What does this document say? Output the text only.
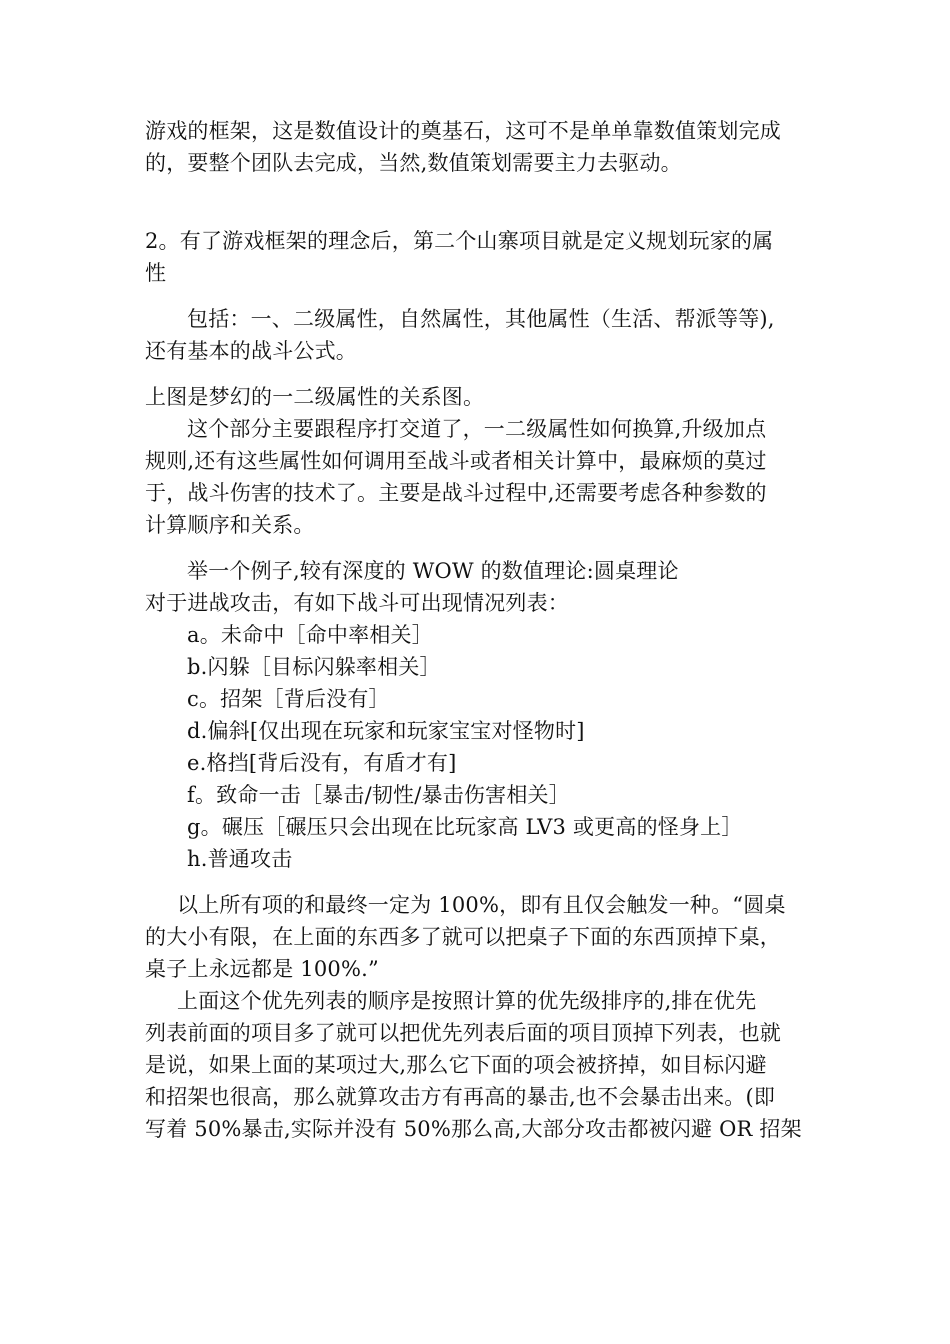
游戏的框架，这是数值设计的奠基石，这可不是单单靠数值策划完成
的，要整个团队去完成，当然,数值策划需要主力去驱动。
2。有了游戏框架的理念后，第二个山寨项目就是定义规划玩家的属
性
包括：一、二级属性，自然属性，其他属性（生活、帮派等等),
还有基本的战斗公式。
上图是梦幻的一二级属性的关系图。
这个部分主要跟程序打交道了，一二级属性如何换算,升级加点
规则,还有这些属性如何调用至战斗或者相关计算中，最麻烦的莫过
于，战斗伤害的技术了。主要是战斗过程中,还需要考虑各种参数的
计算顺序和关系。
举一个例子,较有深度的 WOW 的数值理论:圆桌理论
对于进战攻击，有如下战斗可出现情况列表：
a。未命中［命中率相关］
b.闪躲［目标闪躲率相关］
c。招架［背后没有］
d.偏斜[仅出现在玩家和玩家宝宝对怪物时]
e.格挡[背后没有，有盾才有]
f。致命一击［暴击/韧性/暴击伤害相关］
g。碾压［碾压只会出现在比玩家高 LV3 或更高的怪身上］
h.普通攻击
以上所有项的和最终一定为 100%，即有且仅会触发一种。“圆桌
的大小有限，在上面的东西多了就可以把桌子下面的东西顶掉下桌，
桌子上永远都是 100%.”
上面这个优先列表的顺序是按照计算的优先级排序的,排在优先
列表前面的项目多了就可以把优先列表后面的项目顶掉下列表，也就
是说，如果上面的某项过大,那么它下面的项会被挤掉，如目标闪避
和招架也很高，那么就算攻击方有再高的暴击,也不会暴击出来。(即
写着 50%暴击,实际并没有 50%那么高,大部分攻击都被闪避 OR 招架
